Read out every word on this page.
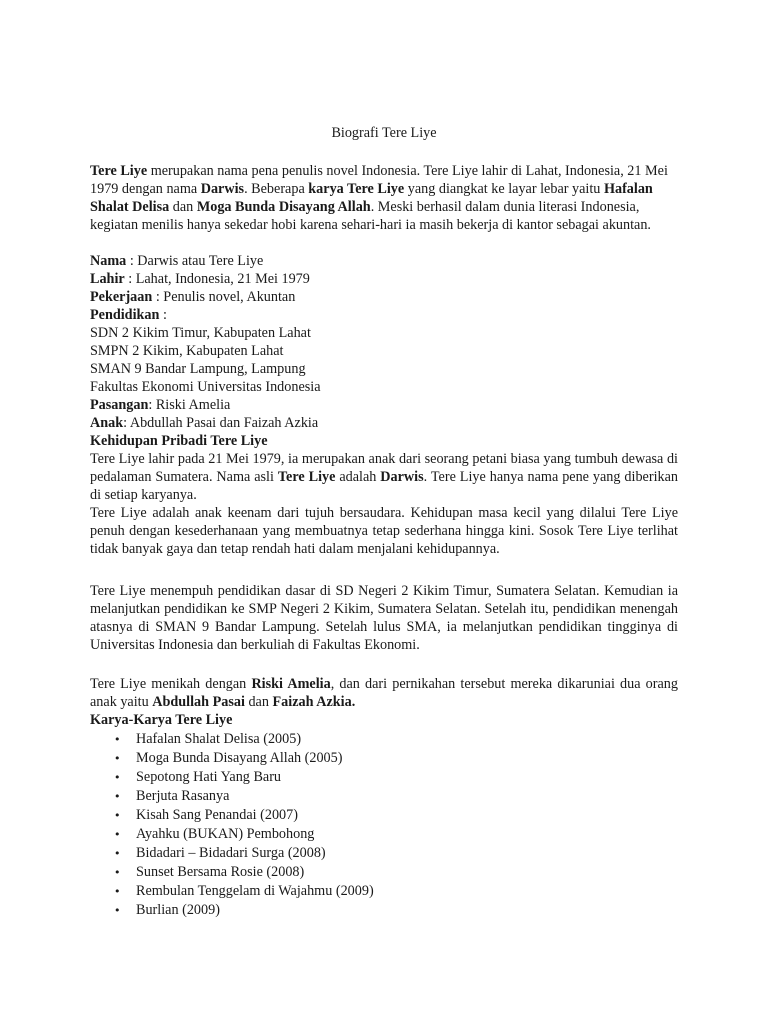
Biografi Tere Liye

Tere Liye merupakan nama pena penulis novel Indonesia. Tere Liye lahir di Lahat, Indonesia, 21 Mei 1979 dengan nama Darwis. Beberapa karya Tere Liye yang diangkat ke layar lebar yaitu Hafalan Shalat Delisa dan Moga Bunda Disayang Allah. Meski berhasil dalam dunia literasi Indonesia, kegiatan menilis hanya sekedar hobi karena sehari-hari ia masih bekerja di kantor sebagai akuntan.

Nama : Darwis atau Tere Liye

Lahir : Lahat, Indonesia, 21 Mei 1979

Pekerjaan : Penulis novel, Akuntan

Pendidikan :

SDN 2 Kikim Timur, Kabupaten Lahat

SMPN 2 Kikim, Kabupaten Lahat

SMAN 9 Bandar Lampung, Lampung

Fakultas Ekonomi Universitas Indonesia

Pasangan: Riski Amelia

Anak: Abdullah Pasai dan Faizah Azkia

Kehidupan Pribadi Tere Liye

Tere Liye lahir pada 21 Mei 1979, ia merupakan anak dari seorang petani biasa yang tumbuh dewasa di pedalaman Sumatera. Nama asli Tere Liye adalah Darwis. Tere Liye hanya nama pene yang diberikan di setiap karyanya.

Tere Liye adalah anak keenam dari tujuh bersaudara. Kehidupan masa kecil yang dilalui Tere Liye penuh dengan kesederhanaan yang membuatnya tetap sederhana hingga kini. Sosok Tere Liye terlihat tidak banyak gaya dan tetap rendah hati dalam menjalani kehidupannya.

Tere Liye menempuh pendidikan dasar di SD Negeri 2 Kikim Timur, Sumatera Selatan. Kemudian ia melanjutkan pendidikan ke SMP Negeri 2 Kikim, Sumatera Selatan. Setelah itu, pendidikan menengah atasnya di SMAN 9 Bandar Lampung. Setelah lulus SMA, ia melanjutkan pendidikan tingginya di Universitas Indonesia dan berkuliah di Fakultas Ekonomi.

Tere Liye menikah dengan Riski Amelia, dan dari pernikahan tersebut mereka dikaruniai dua orang anak yaitu Abdullah Pasai dan Faizah Azkia.

Karya-Karya Tere Liye

• Hafalan Shalat Delisa (2005)
• Moga Bunda Disayang Allah (2005)
• Sepotong Hati Yang Baru
• Berjuta Rasanya
• Kisah Sang Penandai (2007)
• Ayahku (BUKAN) Pembohong
• Bidadari – Bidadari Surga (2008)
• Sunset Bersama Rosie (2008)
• Rembulan Tenggelam di Wajahmu (2009)
• Burlian (2009)
